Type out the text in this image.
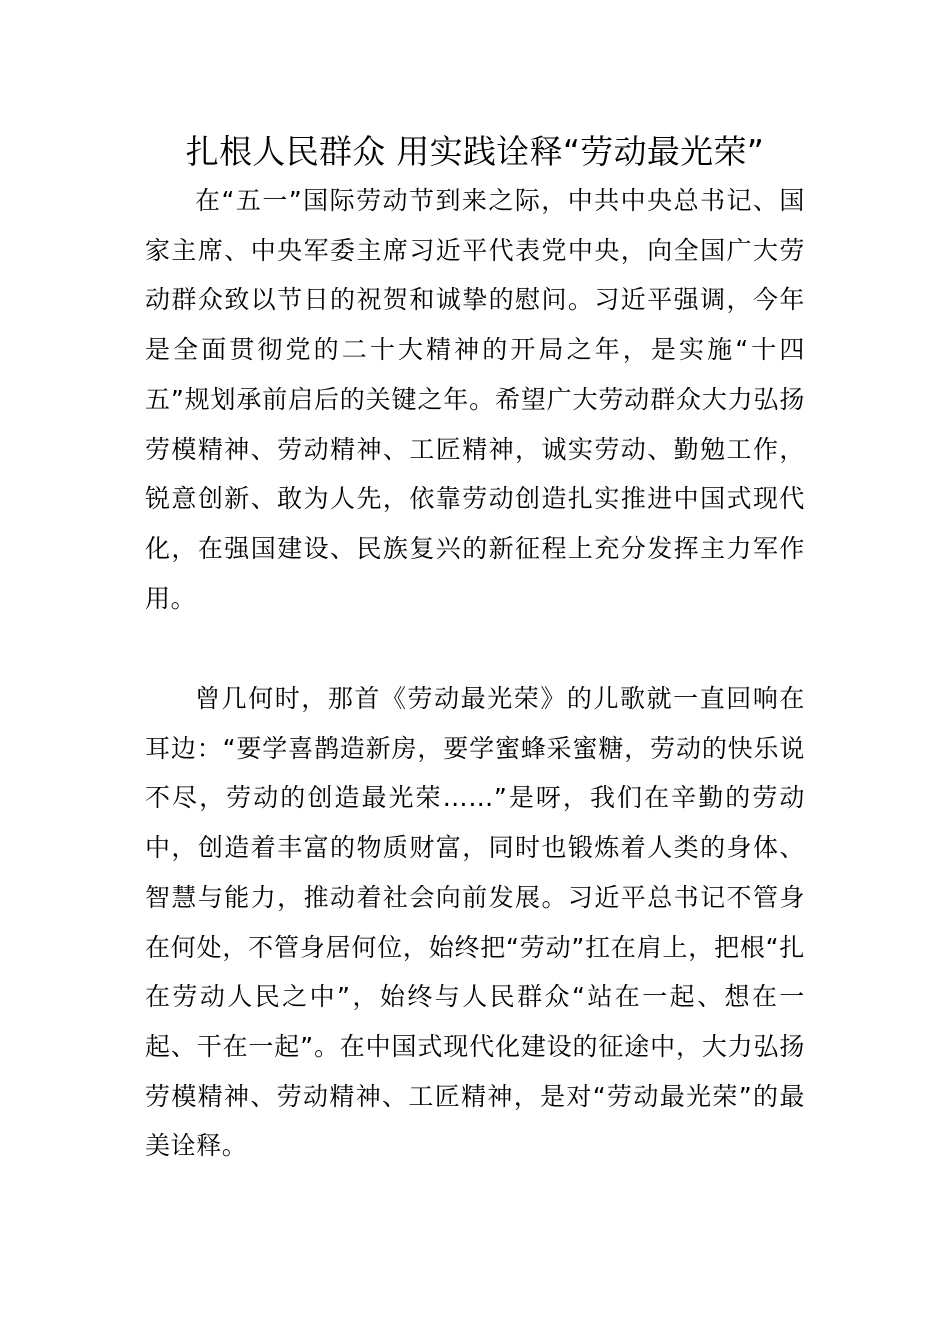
扎根人民群众 用实践诠释“劳动最光荣”

在“五一”国际劳动节到来之际，中共中央总书记、国家主席、中央军委主席习近平代表党中央，向全国广大劳动群众致以节日的祝贺和诚挚的慰问。习近平强调，今年是全面贯彻党的二十大精神的开局之年，是实施“十四五”规划承前启后的关键之年。希望广大劳动群众大力弘扬劳模精神、劳动精神、工匠精神，诚实劳动、勤勉工作，锐意创新、敢为人先，依靠劳动创造扎实推进中国式现代化，在强国建设、民族复兴的新征程上充分发挥主力军作用。

曾几何时，那首《劳动最光荣》的儿歌就一直回响在耳边：“要学喜鹊造新房，要学蜜蜂采蜜糖，劳动的快乐说不尽，劳动的创造最光荣……”是呀，我们在辛勤的劳动中，创造着丰富的物质财富，同时也锻炼着人类的身体、智慧与能力，推动着社会向前发展。习近平总书记不管身在何处，不管身居何位，始终把“劳动”扛在肩上，把根“扎在劳动人民之中”，始终与人民群众“站在一起、想在一起、干在一起”。在中国式现代化建设的征途中，大力弘扬劳模精神、劳动精神、工匠精神，是对“劳动最光荣”的最美诠释。
